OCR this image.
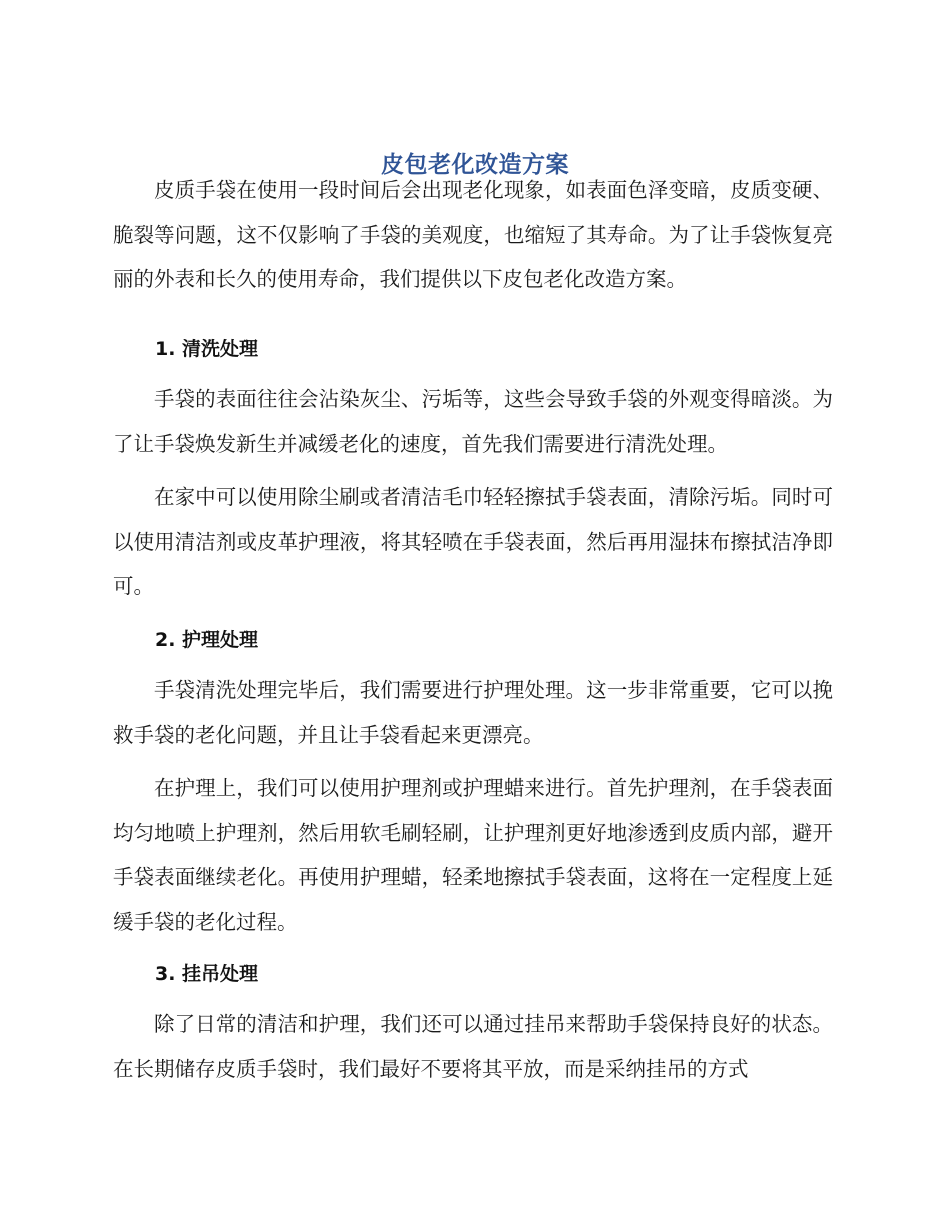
皮包老化改造方案

皮质手袋在使用一段时间后会出现老化现象，如表面色泽变暗，皮质变硬、脆裂等问题，这不仅影响了手袋的美观度，也缩短了其寿命。为了让手袋恢复亮丽的外表和长久的使用寿命，我们提供以下皮包老化改造方案。

1. 清洗处理

手袋的表面往往会沾染灰尘、污垢等，这些会导致手袋的外观变得暗淡。为了让手袋焕发新生并减缓老化的速度，首先我们需要进行清洗处理。

在家中可以使用除尘刷或者清洁毛巾轻轻擦拭手袋表面，清除污垢。同时可以使用清洁剂或皮革护理液，将其轻喷在手袋表面，然后再用湿抹布擦拭洁净即可。

2. 护理处理

手袋清洗处理完毕后，我们需要进行护理处理。这一步非常重要，它可以挽救手袋的老化问题，并且让手袋看起来更漂亮。

在护理上，我们可以使用护理剂或护理蜡来进行。首先护理剂，在手袋表面均匀地喷上护理剂，然后用软毛刷轻刷，让护理剂更好地渗透到皮质内部，避开手袋表面继续老化。再使用护理蜡，轻柔地擦拭手袋表面，这将在一定程度上延缓手袋的老化过程。

3. 挂吊处理

除了日常的清洁和护理，我们还可以通过挂吊来帮助手袋保持良好的状态。在长期储存皮质手袋时，我们最好不要将其平放，而是采纳挂吊的方式
